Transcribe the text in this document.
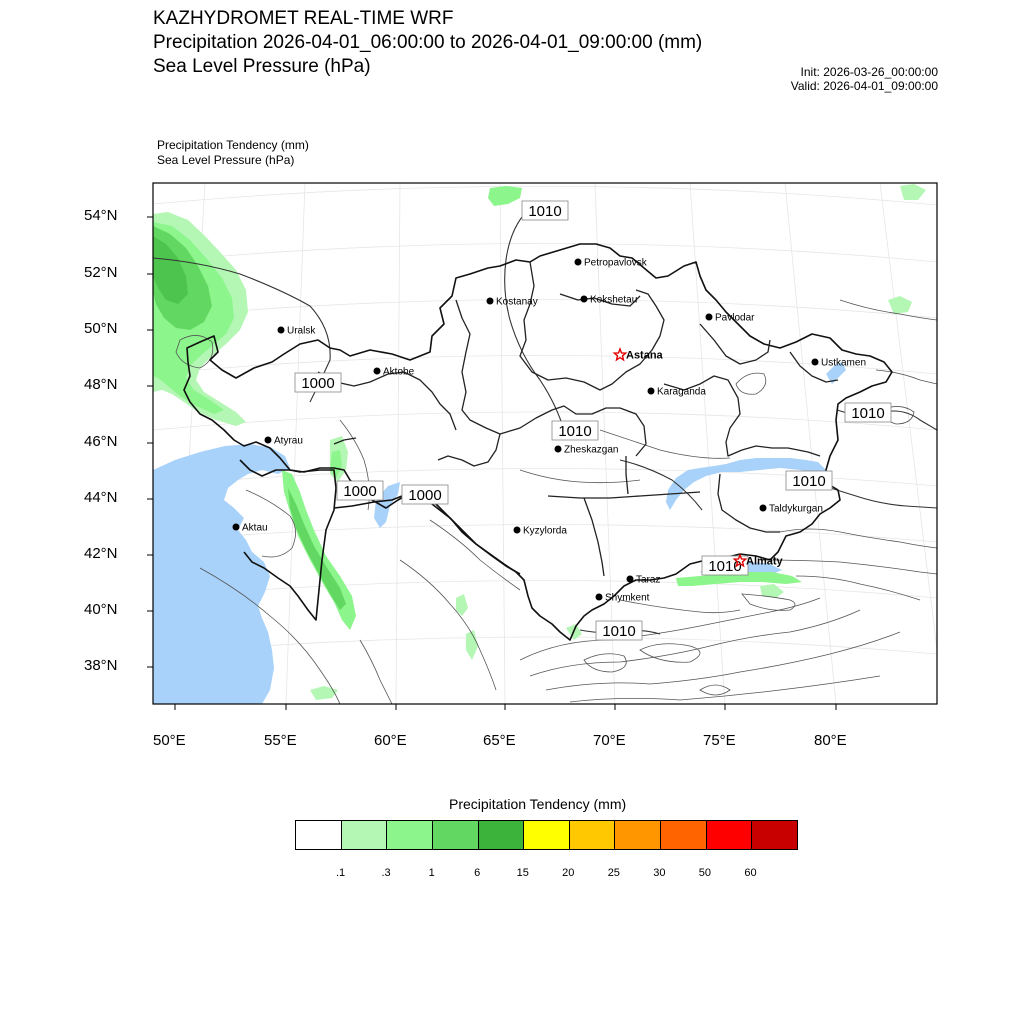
KAZHYDROMET REAL-TIME WRF
Precipitation 2026-04-01_06:00:00 to 2026-04-01_09:00:00 (mm)
Sea Level Pressure (hPa)	Init: 2026-03-26_00:00:00
Valid: 2026-04-01_09:00:00
Precipitation Tendency (mm)
Sea Level Pressure (hPa)
1010
1000
1010
1000 1000
1010
1010
1010
1010
Petropavlovsk
Kostanay	Kokshetau
Pavlodar
Uralsk
Astana
Aktobe
Karaganda
Ustkamen
Atyrau
Zheskazgan
Taldykurgan
Kyzylorda
Aktau
Almaty
Taraz
Shymkent
54°N
52°N
50°N
48°N
46°N
44°N
42°N
40°N
38°N
50°E	55°E	60°E	65°E	70°E	75°E	80°E
Precipitation Tendency (mm)
.1	.3	1	6	15	20	25	30	50	60
